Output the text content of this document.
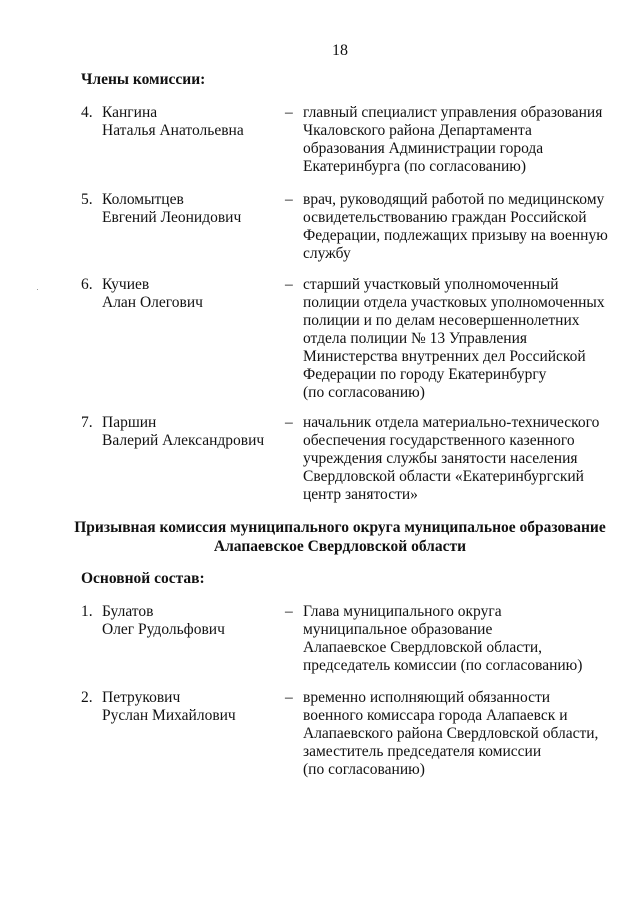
18
Члены комиссии:
4. Кангина
Наталья Анатольевна
– главный специалист управления образования
Чкаловского района Департамента
образования Администрации города
Екатеринбурга (по согласованию)
5. Коломытцев
Евгений Леонидович
– врач, руководящий работой по медицинскому
освидетельствованию граждан Российской
Федерации, подлежащих призыву на военную
службу
6. Кучиев
Алан Олегович
– старший участковый уполномоченный
полиции отдела участковых уполномоченных
полиции и по делам несовершеннолетних
отдела полиции № 13 Управления
Министерства внутренних дел Российской
Федерации по городу Екатеринбургу
(по согласованию)
7. Паршин
Валерий Александрович
– начальник отдела материально-технического
обеспечения государственного казенного
учреждения службы занятости населения
Свердловской области «Екатеринбургский
центр занятости»
Призывная комиссия муниципального округа муниципальное образование
Алапаевское Свердловской области
Основной состав:
1. Булатов
Олег Рудольфович
– Глава муниципального округа
муниципальное образование
Алапаевское Свердловской области,
председатель комиссии (по согласованию)
2. Петрукович
Руслан Михайлович
– временно исполняющий обязанности
военного комиссара города Алапаевск и
Алапаевского района Свердловской области,
заместитель председателя комиссии
(по согласованию)
